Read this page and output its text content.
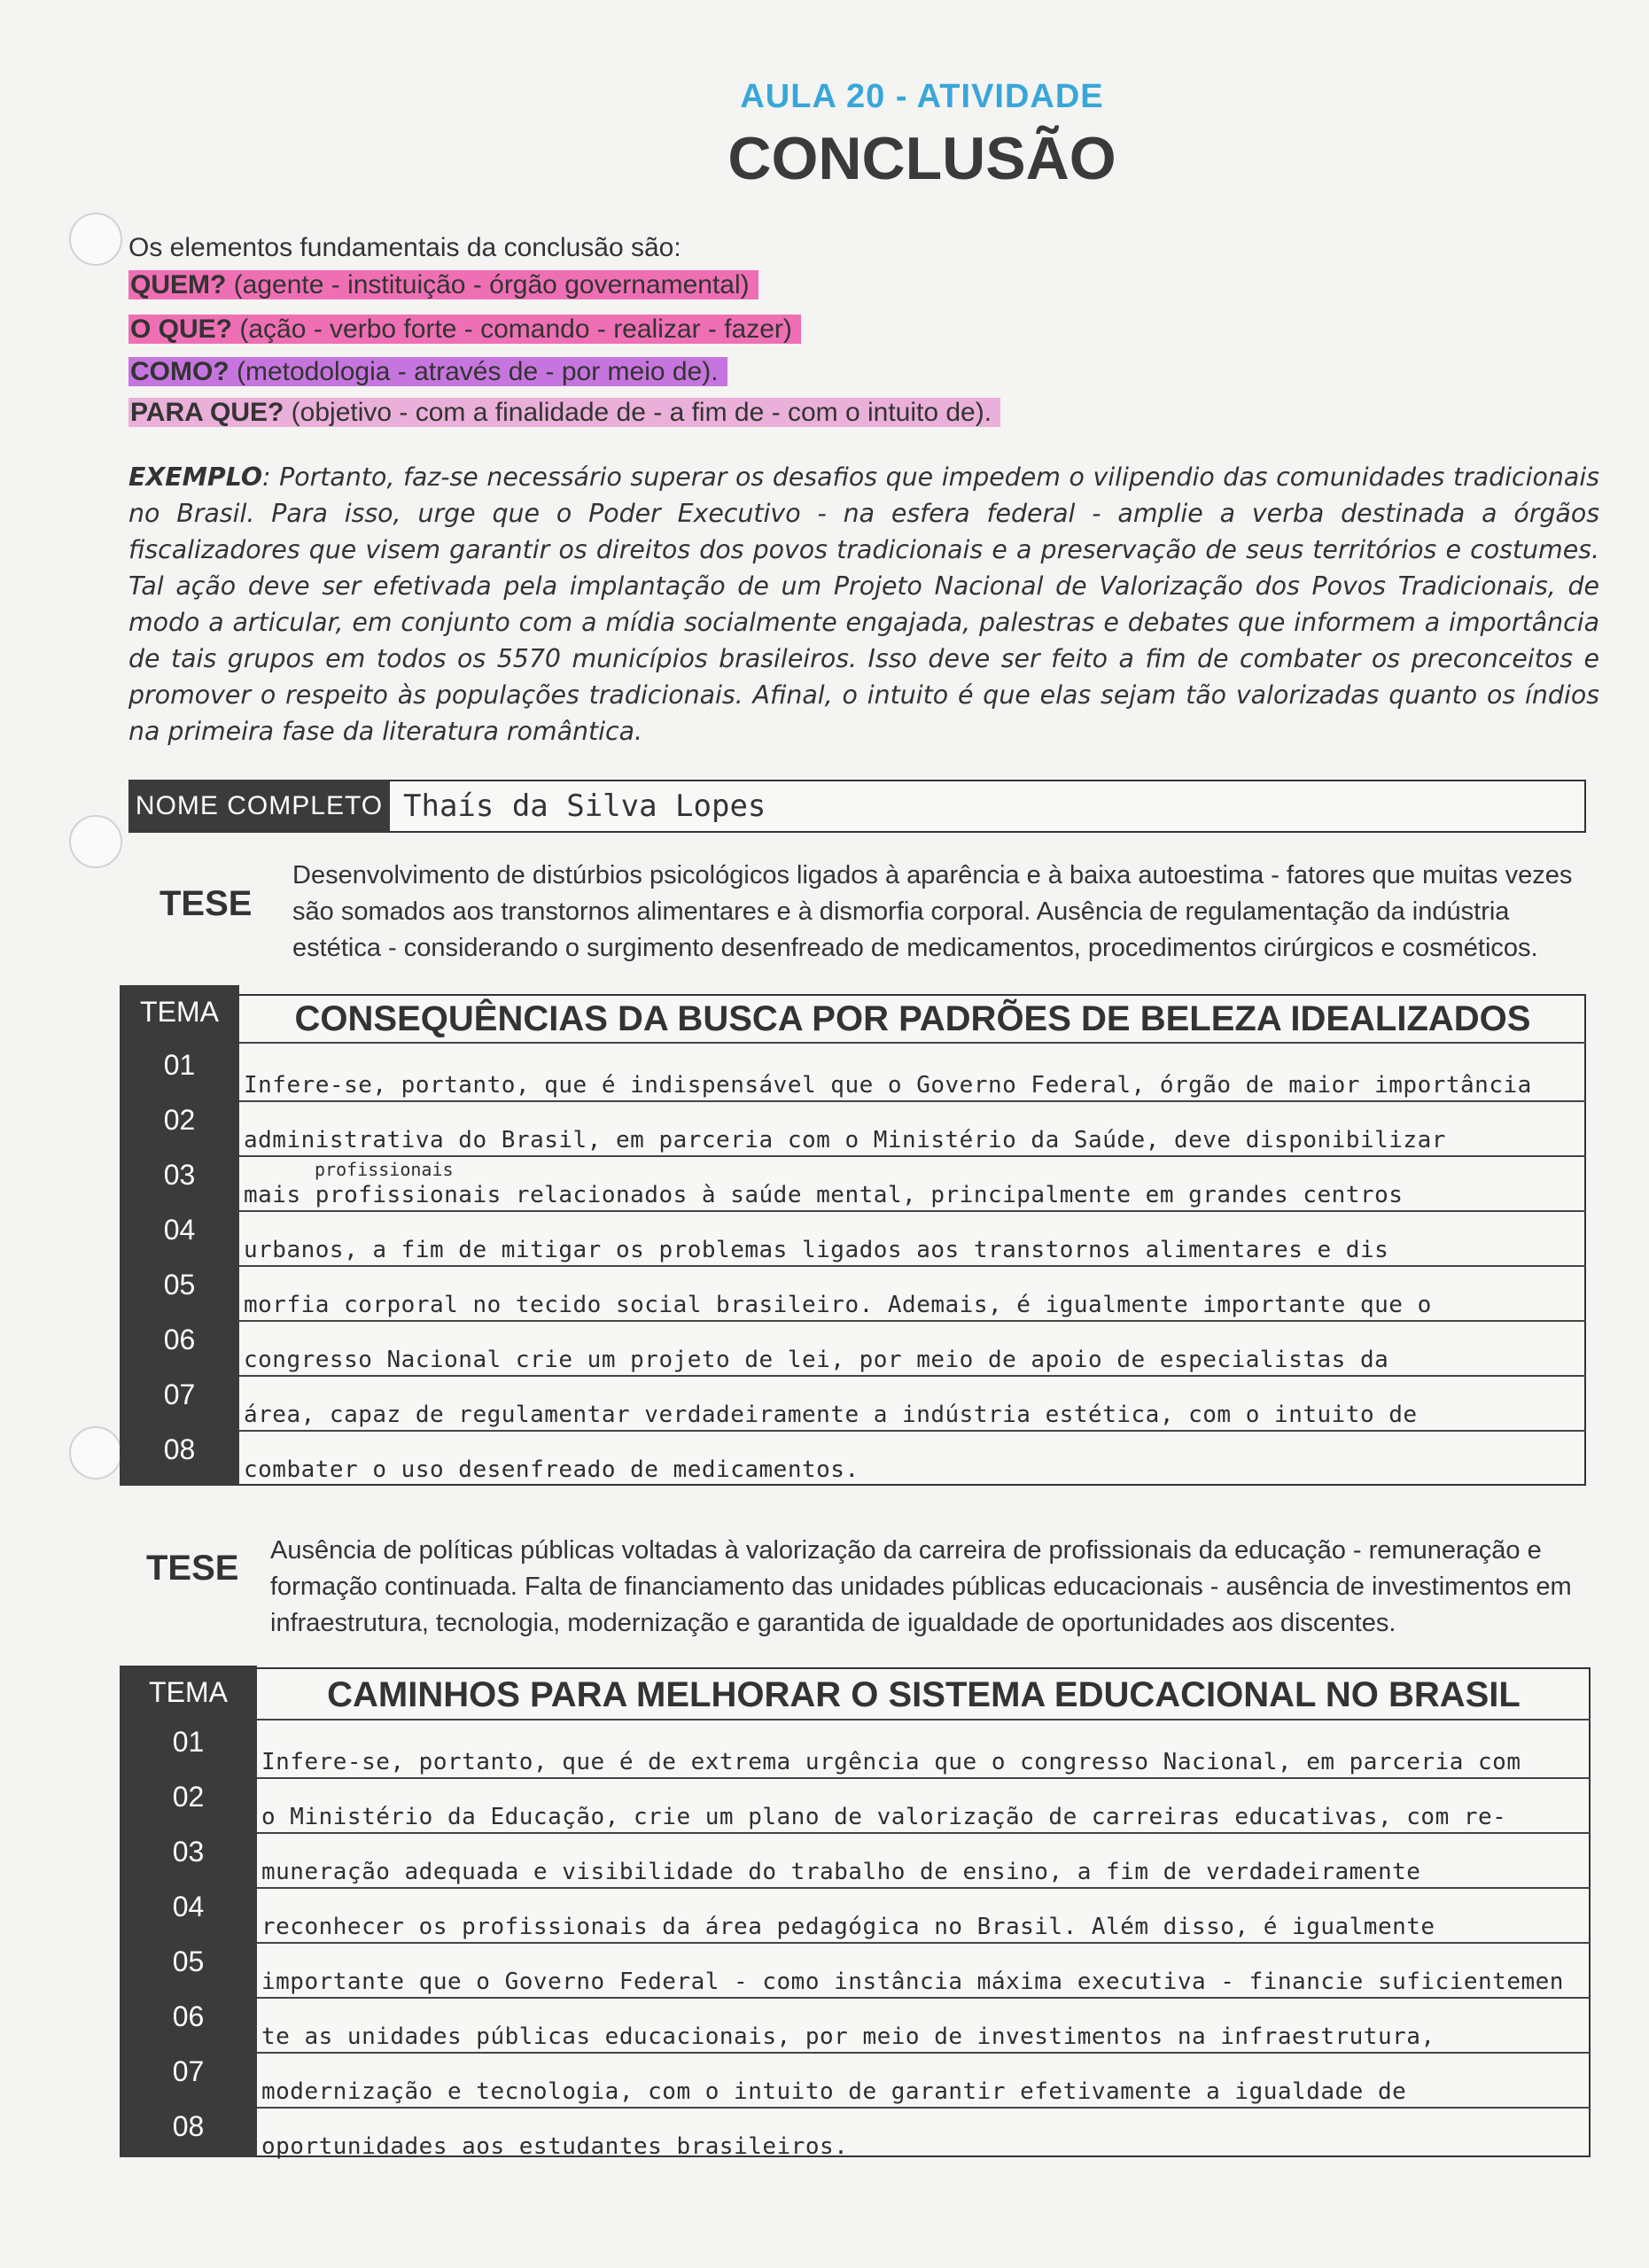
AULA 20 - ATIVIDADE
CONCLUSÃO
Os elementos fundamentais da conclusão são:
QUEM? (agente - instituição - órgão governamental)
O QUE? (ação - verbo forte - comando - realizar - fazer)
COMO? (metodologia - através de - por meio de).
PARA QUE? (objetivo - com a finalidade de - a fim de - com o intuito de).
EXEMPLO: Portanto, faz-se necessário superar os desafios que impedem o vilipendio das comunidades tradicionais no Brasil. Para isso, urge que o Poder Executivo - na esfera federal - amplie a verba destinada a órgãos fiscalizadores que visem garantir os direitos dos povos tradicionais e a preservação de seus territórios e costumes. Tal ação deve ser efetivada pela implantação de um Projeto Nacional de Valorização dos Povos Tradicionais, de modo a articular, em conjunto com a mídia socialmente engajada, palestras e debates que informem a importância de tais grupos em todos os 5570 municípios brasileiros. Isso deve ser feito a fim de combater os preconceitos e promover o respeito às populações tradicionais. Afinal, o intuito é que elas sejam tão valorizadas quanto os índios na primeira fase da literatura romântica.
NOME COMPLETO Thaís da Silva Lopes
TESE
Desenvolvimento de distúrbios psicológicos ligados à aparência e à baixa autoestima - fatores que muitas vezes são somados aos transtornos alimentares e à dismorfia corporal. Ausência de regulamentação da indústria estética - considerando o surgimento desenfreado de medicamentos, procedimentos cirúrgicos e cosméticos.
TEMA	CONSEQUÊNCIAS DA BUSCA POR PADRÕES DE BELEZA IDEALIZADOS
01
02
03
04
05
06
07
08
Infere-se, portanto, que é indispensável que o Governo Federal, órgão de maior importância
administrativa do Brasil, em parceria com o Ministério da Saúde, deve disponibilizar
profissionais
mais profissionais relacionados à saúde mental, principalmente em grandes centros
urbanos, a fim de mitigar os problemas ligados aos transtornos alimentares e dis
morfia corporal no tecido social brasileiro. Ademais, é igualmente importante que o
congresso Nacional crie um projeto de lei, por meio de apoio de especialistas da
área, capaz de regulamentar verdadeiramente a indústria estética, com o intuito de
combater o uso desenfreado de medicamentos.
TESE Ausência de políticas públicas voltadas à valorização da carreira de profissionais da educação - remuneração e formação continuada. Falta de financiamento das unidades públicas educacionais - ausência de investimentos em infraestrutura, tecnologia, modernização e garantida de igualdade de oportunidades aos discentes.
TEMA	CAMINHOS PARA MELHORAR O SISTEMA EDUCACIONAL NO BRASIL
01
02
03
04
05
06
07
08
Infere-se, portanto, que é de extrema urgência que o congresso Nacional, em parceria com
o Ministério da Educação, crie um plano de valorização de carreiras educativas, com re-
muneração adequada e visibilidade do trabalho de ensino, a fim de verdadeiramente
reconhecer os profissionais da área pedagógica no Brasil. Além disso, é igualmente
importante que o Governo Federal - como instância máxima executiva - financie suficientemen
te as unidades públicas educacionais, por meio de investimentos na infraestrutura,
modernização e tecnologia, com o intuito de garantir efetivamente a igualdade de
oportunidades aos estudantes brasileiros.
